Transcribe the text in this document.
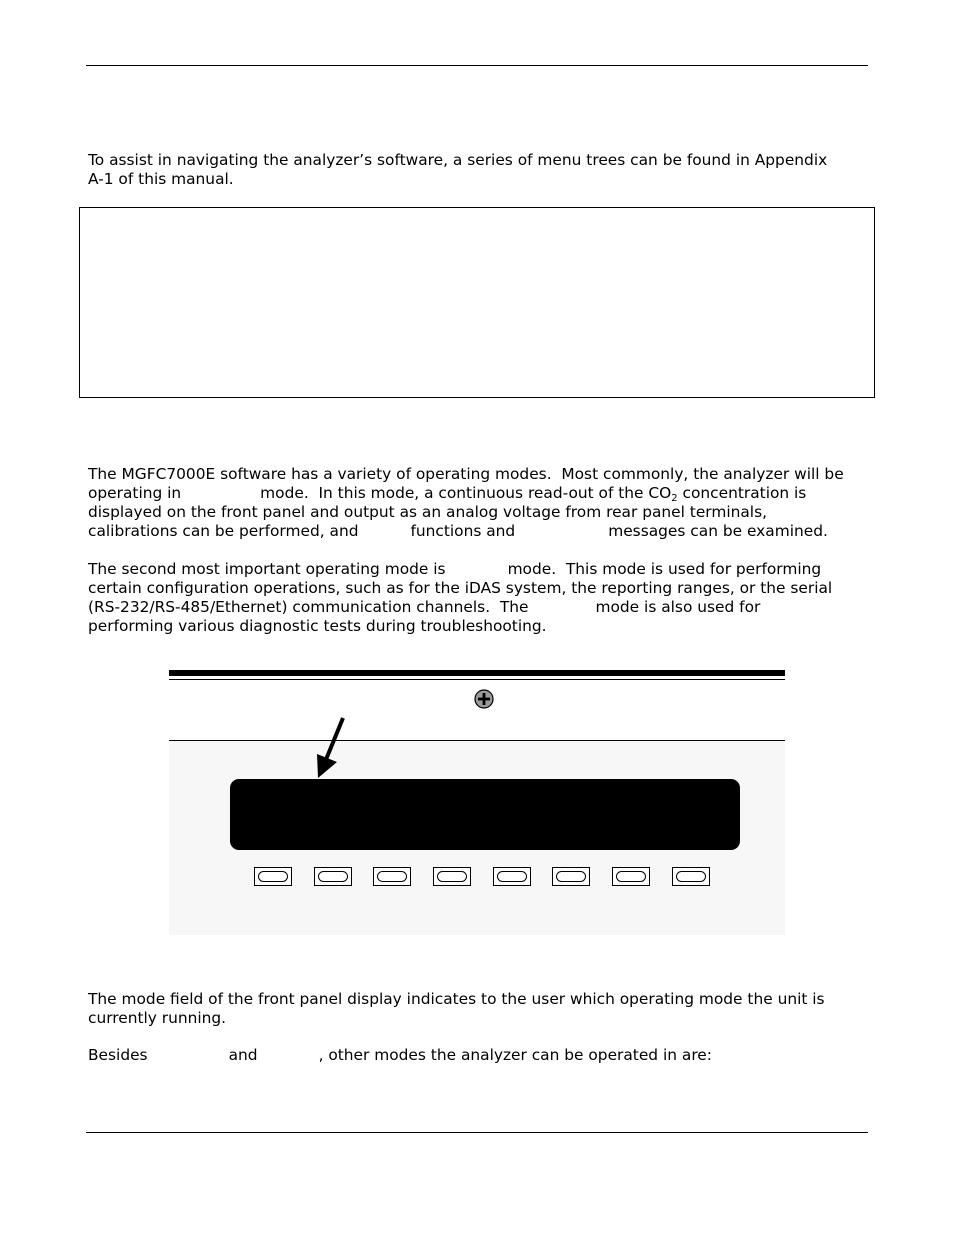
To assist in navigating the analyzer’s software, a series of menu trees can be found in Appendix
A-1 of this manual.

The MGFC7000E software has a variety of operating modes.  Most commonly, the analyzer will be
operating in	mode.  In this mode, a continuous read-out of the $CO_2$ concentration is
displayed on the front panel and output as an analog voltage from rear panel terminals,
calibrations can be performed, and	functions and	messages can be examined.

The second most important operating mode is	mode.  This mode is used for performing
certain configuration operations, such as for the iDAS system, the reporting ranges, or the serial
(RS-232/RS-485/Ethernet) communication channels.  The	mode is also used for
performing various diagnostic tests during troubleshooting.

The mode field of the front panel display indicates to the user which operating mode the unit is
currently running.

Besides	and	, other modes the analyzer can be operated in are:
